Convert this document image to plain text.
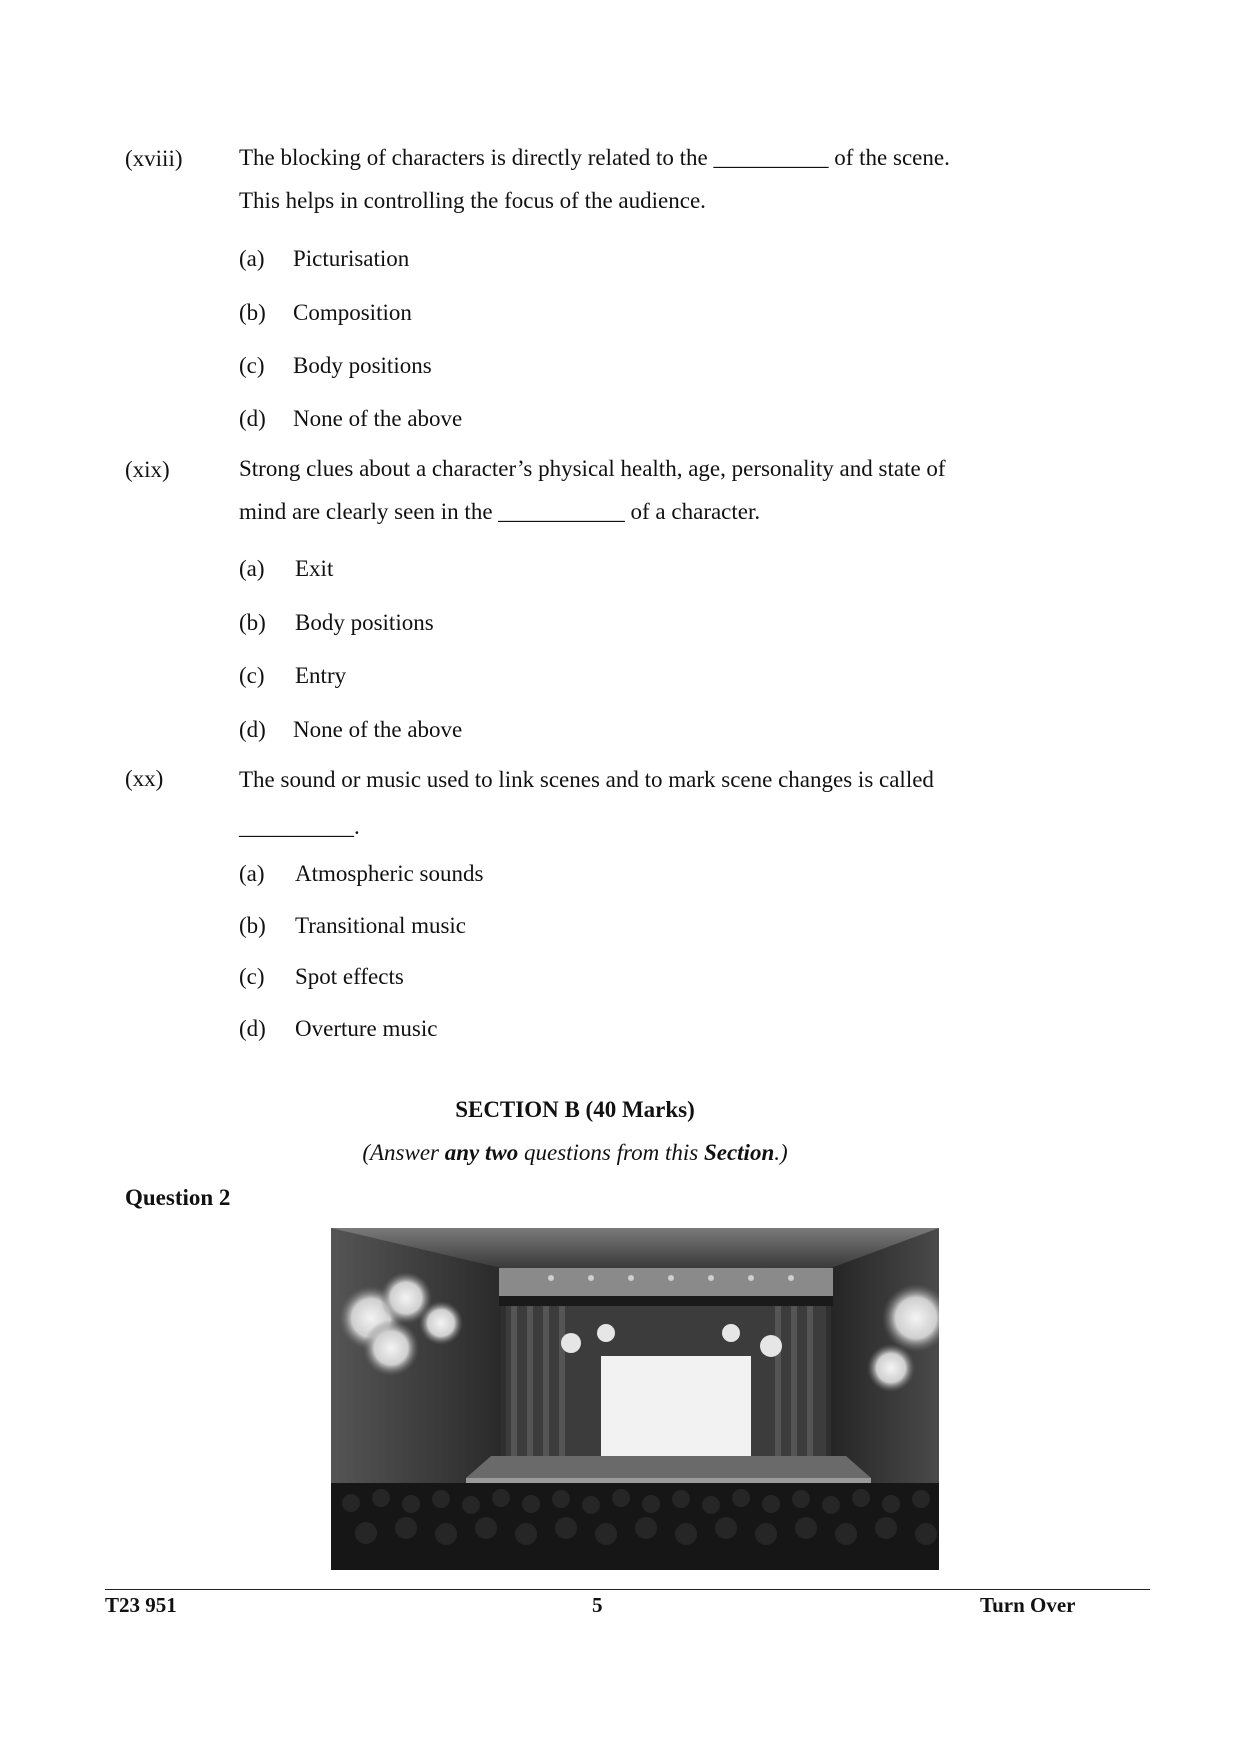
(xviii) The blocking of characters is directly related to the __________ of the scene.
This helps in controlling the focus of the audience.
(a) Picturisation
(b) Composition
(c) Body positions
(d) None of the above
(xix)	Strong clues about a character’s physical health, age, personality and state of
mind are clearly seen in the ___________ of a character.
(a) Exit
(b) Body positions
(c) Entry
(d) None of the above
(xx)	The sound or music used to link scenes and to mark scene changes is called
__________.
(a) Atmospheric sounds
(b) Transitional music
(c) Spot effects
(d) Overture music
SECTION B (40 Marks)
(Answer any two questions from this Section.)
Question 2
T23 951	5	Turn Over
